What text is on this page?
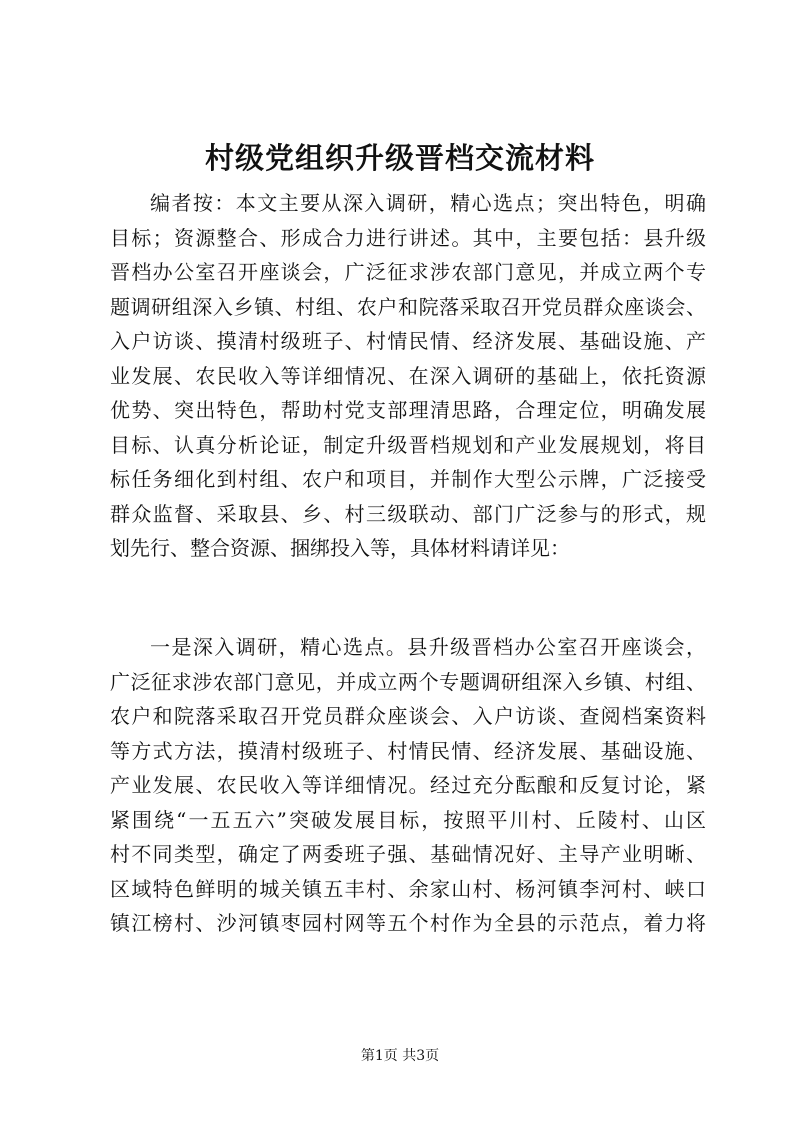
村级党组织升级晋档交流材料
编者按：本文主要从深入调研，精心选点；突出特色，明确
目标；资源整合、形成合力进行讲述。其中，主要包括：县升级
晋档办公室召开座谈会，广泛征求涉农部门意见，并成立两个专
题调研组深入乡镇、村组、农户和院落采取召开党员群众座谈会、
入户访谈、摸清村级班子、村情民情、经济发展、基础设施、产
业发展、农民收入等详细情况、在深入调研的基础上，依托资源
优势、突出特色，帮助村党支部理清思路，合理定位，明确发展
目标、认真分析论证，制定升级晋档规划和产业发展规划，将目
标任务细化到村组、农户和项目，并制作大型公示牌，广泛接受
群众监督、采取县、乡、村三级联动、部门广泛参与的形式，规
划先行、整合资源、捆绑投入等，具体材料请详见：
一是深入调研，精心选点。县升级晋档办公室召开座谈会，
广泛征求涉农部门意见，并成立两个专题调研组深入乡镇、村组、
农户和院落采取召开党员群众座谈会、入户访谈、查阅档案资料
等方式方法，摸清村级班子、村情民情、经济发展、基础设施、
产业发展、农民收入等详细情况。经过充分酝酿和反复讨论，紧
紧围绕“一五五六”突破发展目标，按照平川村、丘陵村、山区
村不同类型，确定了两委班子强、基础情况好、主导产业明晰、
区域特色鲜明的城关镇五丰村、余家山村、杨河镇李河村、峡口
镇江榜村、沙河镇枣园村网等五个村作为全县的示范点，着力将
第1页 共3页
